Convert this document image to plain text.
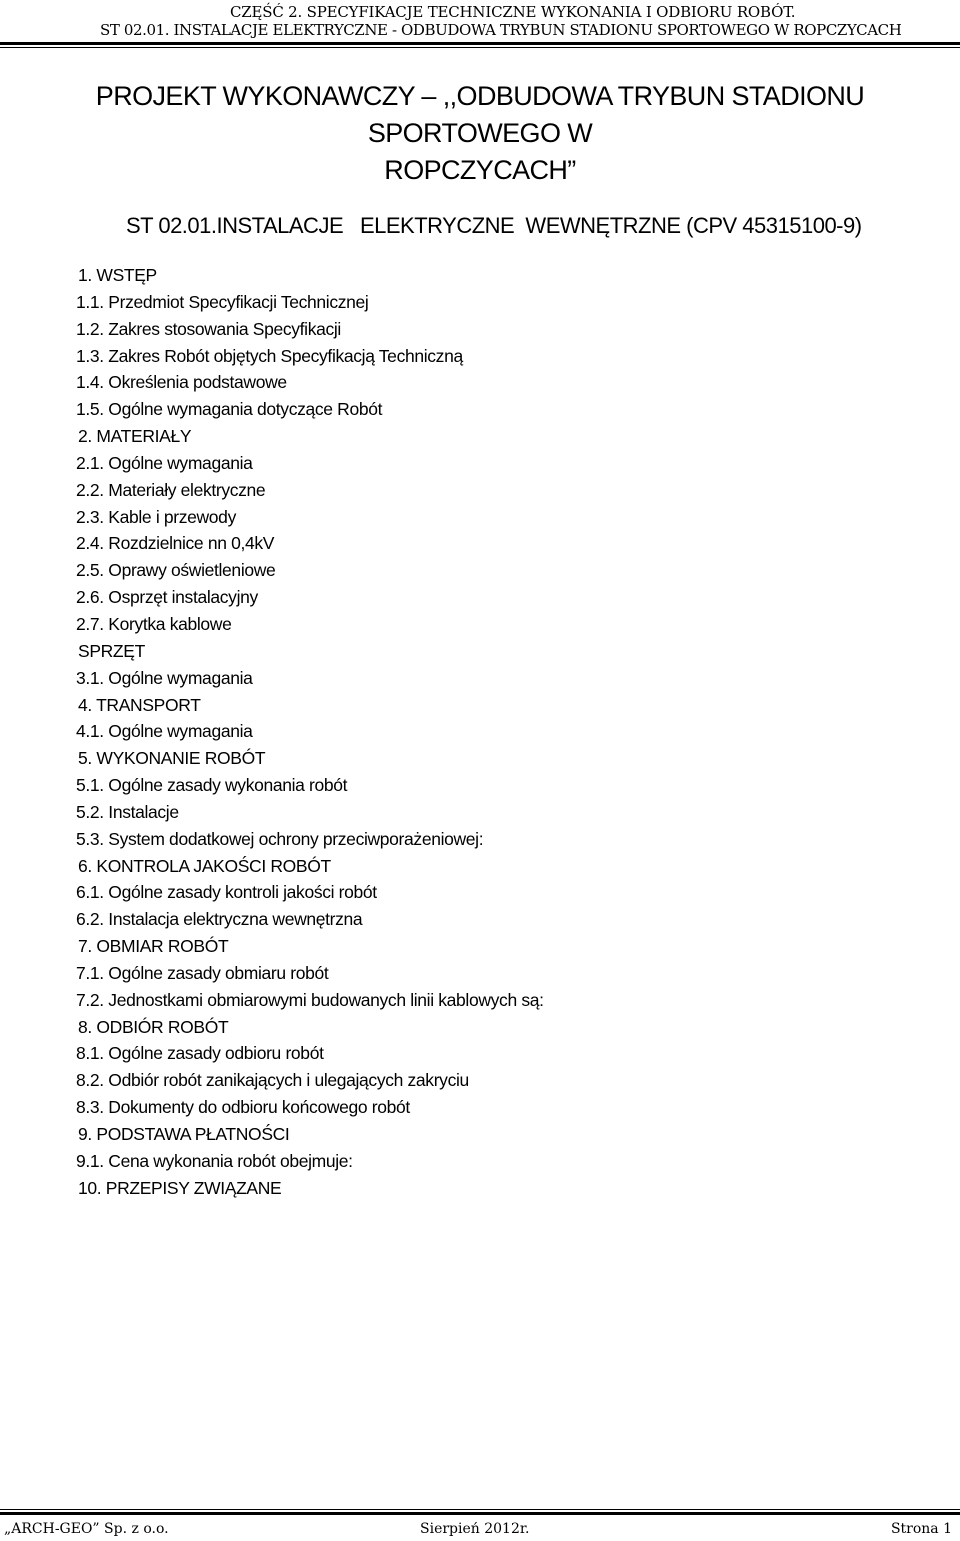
CZĘŚĆ 2. SPECYFIKACJE TECHNICZNE WYKONANIA I ODBIORU ROBÓT.
ST 02.01. INSTALACJE ELEKTRYCZNE - ODBUDOWA TRYBUN STADIONU SPORTOWEGO W ROPCZYCACH
PROJEKT WYKONAWCZY – ,,ODBUDOWA TRYBUN STADIONU SPORTOWEGO W
ROPCZYCACH”
ST 02.01.INSTALACJE   ELEKTRYCZNE  WEWNĘTRZNE (CPV 45315100-9)
1. WSTĘP
1.1. Przedmiot Specyfikacji Technicznej
1.2. Zakres stosowania Specyfikacji
1.3. Zakres Robót objętych Specyfikacją Techniczną
1.4. Określenia podstawowe
1.5. Ogólne wymagania dotyczące Robót
2. MATERIAŁY
2.1. Ogólne wymagania
2.2. Materiały elektryczne
2.3. Kable i przewody
2.4. Rozdzielnice nn 0,4kV
2.5. Oprawy oświetleniowe
2.6. Osprzęt instalacyjny
2.7. Korytka kablowe
SPRZĘT
3.1. Ogólne wymagania
4. TRANSPORT
4.1. Ogólne wymagania
5. WYKONANIE ROBÓT
5.1. Ogólne zasady wykonania robót
5.2. Instalacje
5.3. System dodatkowej ochrony przeciwporażeniowej:
6. KONTROLA JAKOŚCI ROBÓT
6.1. Ogólne zasady kontroli jakości robót
6.2. Instalacja elektryczna wewnętrzna
7. OBMIAR ROBÓT
7.1. Ogólne zasady obmiaru robót
7.2. Jednostkami obmiarowymi budowanych linii kablowych są:
8. ODBIÓR ROBÓT
8.1. Ogólne zasady odbioru robót
8.2. Odbiór robót zanikających i ulegających zakryciu
8.3. Dokumenty do odbioru końcowego robót
9. PODSTAWA PŁATNOŚCI
9.1. Cena wykonania robót obejmuje:
10. PRZEPISY ZWIĄZANE
„ARCH-GEO” Sp. z o.o.	Sierpień 2012r.	Strona 1
